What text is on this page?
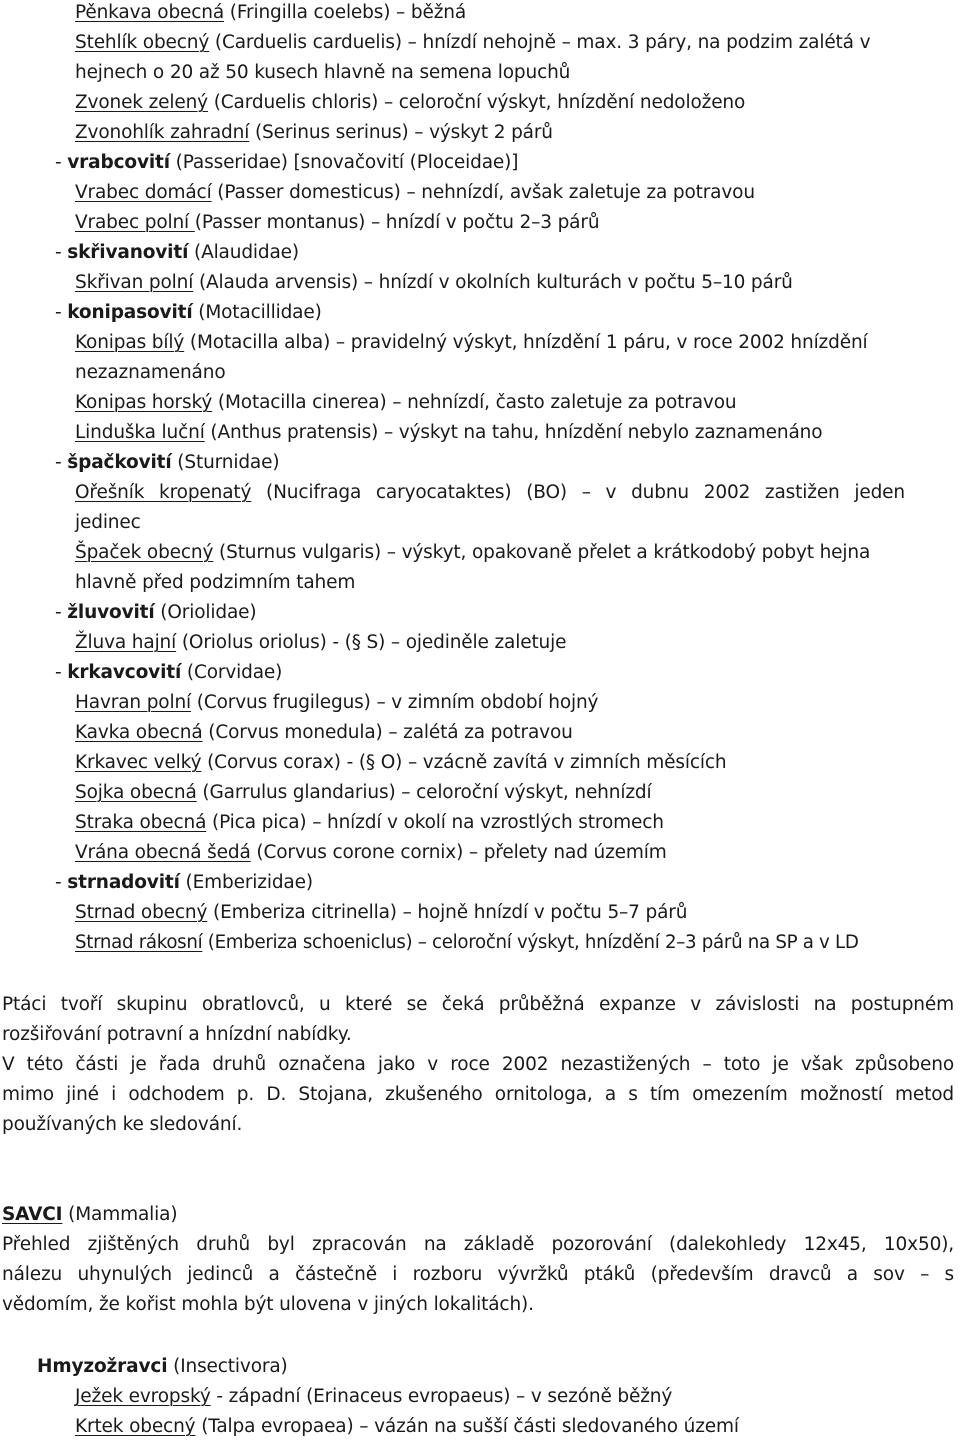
Pěnkava obecná (Fringilla coelebs) – běžná
Stehlík obecný (Carduelis carduelis) – hnízdí nehojně – max. 3 páry, na podzim zalétá v
hejnech o 20 až 50 kusech hlavně na semena lopuchů
Zvonek zelený (Carduelis chloris) – celoroční výskyt, hnízdění nedoloženo
Zvonohlík zahradní (Serinus serinus) – výskyt 2 párů
- vrabcovití (Passeridae) [snovačovití (Ploceidae)]
Vrabec domácí (Passer domesticus) – nehnízdí, avšak zaletuje za potravou
Vrabec polní (Passer montanus) – hnízdí v počtu 2–3 párů
- skřivanovití (Alaudidae)
Skřivan polní (Alauda arvensis) – hnízdí v okolních kulturách v počtu 5–10 párů
- konipasovití (Motacillidae)
Konipas bílý (Motacilla alba) – pravidelný výskyt, hnízdění 1 páru, v roce 2002 hnízdění
nezaznamenáno
Konipas horský (Motacilla cinerea) – nehnízdí, často zaletuje za potravou
Linduška luční (Anthus pratensis) – výskyt na tahu, hnízdění nebylo zaznamenáno
- špačkovití (Sturnidae)
Ořešník kropenatý (Nucifraga caryocataktes) (BO) – v dubnu 2002 zastižen jeden
jedinec
Špaček obecný (Sturnus vulgaris) – výskyt, opakovaně přelet a krátkodobý pobyt hejna
hlavně před podzimním tahem
- žluvovití (Oriolidae)
Žluva hajní (Oriolus oriolus) - (§ S) – ojediněle zaletuje
- krkavcovití (Corvidae)
Havran polní (Corvus frugilegus) – v zimním období hojný
Kavka obecná (Corvus monedula) – zalétá za potravou
Krkavec velký (Corvus corax) - (§ O) – vzácně zavítá v zimních měsících
Sojka obecná (Garrulus glandarius) – celoroční výskyt, nehnízdí
Straka obecná (Pica pica) – hnízdí v okolí na vzrostlých stromech
Vrána obecná šedá (Corvus corone cornix) – přelety nad územím
- strnadovití (Emberizidae)
Strnad obecný (Emberiza citrinella) – hojně hnízdí v počtu 5–7 párů
Strnad rákosní (Emberiza schoeniclus) – celoroční výskyt, hnízdění 2–3 párů na SP a v LD
Ptáci tvoří skupinu obratlovců, u které se čeká průběžná expanze v závislosti na postupném
rozšiřování potravní a hnízdní nabídky.
V této části je řada druhů označena jako v roce 2002 nezastižených – toto je však způsobeno
mimo jiné i odchodem p. D. Stojana, zkušeného ornitologa, a s tím omezením možností metod
používaných ke sledování.
SAVCI (Mammalia)
Přehled zjištěných druhů byl zpracován na základě pozorování (dalekohledy 12x45, 10x50),
nálezu uhynulých jedinců a částečně i rozboru vývržků ptáků (především dravců a sov – s
vědomím, že kořist mohla být ulovena v jiných lokalitách).
Hmyzožravci (Insectivora)
Ježek evropský - západní (Erinaceus evropaeus) – v sezóně běžný
Krtek obecný (Talpa evropaea) – vázán na sušší části sledovaného území
